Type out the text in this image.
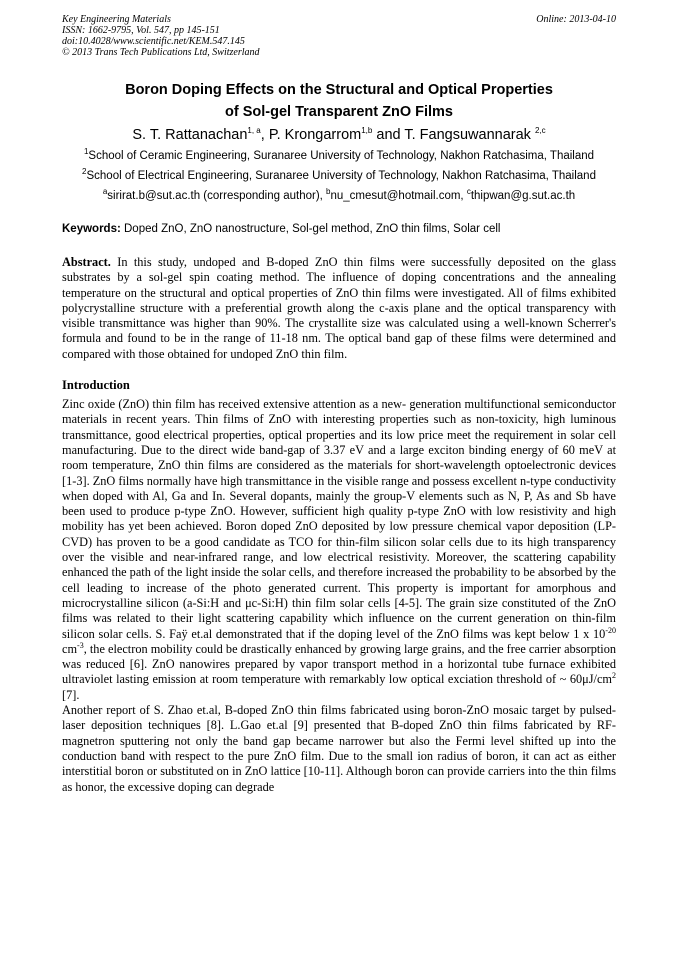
Key Engineering Materials
ISSN: 1662-9795, Vol. 547, pp 145-151
doi:10.4028/www.scientific.net/KEM.547.145
© 2013 Trans Tech Publications Ltd, Switzerland
Online: 2013-04-10
Boron Doping Effects on the Structural and Optical Properties
of Sol-gel Transparent ZnO Films
S. T. Rattanachan$^{1, a}$, P. Krongarrom$^{1,b}$ and T. Fangsuwannarak $^{2,c}$
$^1$School of Ceramic Engineering, Suranaree University of Technology, Nakhon Ratchasima, Thailand
$^2$School of Electrical Engineering, Suranaree University of Technology, Nakhon Ratchasima, Thailand
$^a$sirirat.b@sut.ac.th (corresponding author), $^b$nu_cmesut@hotmail.com, $^c$thipwan@g.sut.ac.th
Keywords: Doped ZnO, ZnO nanostructure, Sol-gel method, ZnO thin films, Solar cell
Abstract. In this study, undoped and B-doped ZnO thin films were successfully deposited on the glass substrates by a sol-gel spin coating method. The influence of doping concentrations and the annealing temperature on the structural and optical properties of ZnO thin films were investigated. All of films exhibited polycrystalline structure with a preferential growth along the c-axis plane and the optical transparency with visible transmittance was higher than 90%. The crystallite size was calculated using a well-known Scherrer's formula and found to be in the range of 11-18 nm. The optical band gap of these films were determined and compared with those obtained for undoped ZnO thin film.
Introduction

Zinc oxide (ZnO) thin film has received extensive attention as a new- generation multifunctional semiconductor materials in recent years. Thin films of ZnO with interesting properties such as non-toxicity, high luminous transmittance, good electrical properties, optical properties and its low price meet the requirement in solar cell manufacturing. Due to the direct wide band-gap of 3.37 eV and a large exciton binding energy of 60 meV at room temperature, ZnO thin films are considered as the materials for short-wavelength optoelectronic devices [1-3]. ZnO films normally have high transmittance in the visible range and possess excellent n-type conductivity when doped with Al, Ga and In. Several dopants, mainly the group-V elements such as N, P, As and Sb have been used to produce p-type ZnO. However, sufficient high quality p-type ZnO with low resistivity and high mobility has yet been achieved. Boron doped ZnO deposited by low pressure chemical vapor deposition (LP-CVD) has proven to be a good candidate as TCO for thin-film silicon solar cells due to its high transparency over the visible and near-infrared range, and low electrical resistivity. Moreover, the scattering capability enhanced the path of the light inside the solar cells, and therefore increased the probability to be absorbed by the cell leading to increase of the photo generated current. This property is important for amorphous and microcrystalline silicon (a-Si:H and μc-Si:H) thin film solar cells [4-5]. The grain size constituted of the ZnO films was related to their light scattering capability which influence on the current generation on thin-film silicon solar cells. S. Faÿ et.al demonstrated that if the doping level of the ZnO films was kept below 1 x $10^{-20}$ $cm^{-3}$, the electron mobility could be drastically enhanced by growing large grains, and the free carrier absorption was reduced [6]. ZnO nanowires prepared by vapor transport method in a horizontal tube furnace exhibited ultraviolet lasting emission at room temperature with remarkably low optical exciation threshold of ~ $60\mu J/cm^2$ [7].

Another report of S. Zhao et.al, B-doped ZnO thin films fabricated using boron-ZnO mosaic target by pulsed-laser deposition techniques [8]. L.Gao et.al [9] presented that B-doped ZnO thin films fabricated by RF-magnetron sputtering not only the band gap became narrower but also the Fermi level shifted up into the conduction band with respect to the pure ZnO film. Due to the small ion radius of boron, it can act as either interstitial boron or substituted on in ZnO lattice [10-11]. Although boron can provide carriers into the thin films as honor, the excessive doping can degrade
